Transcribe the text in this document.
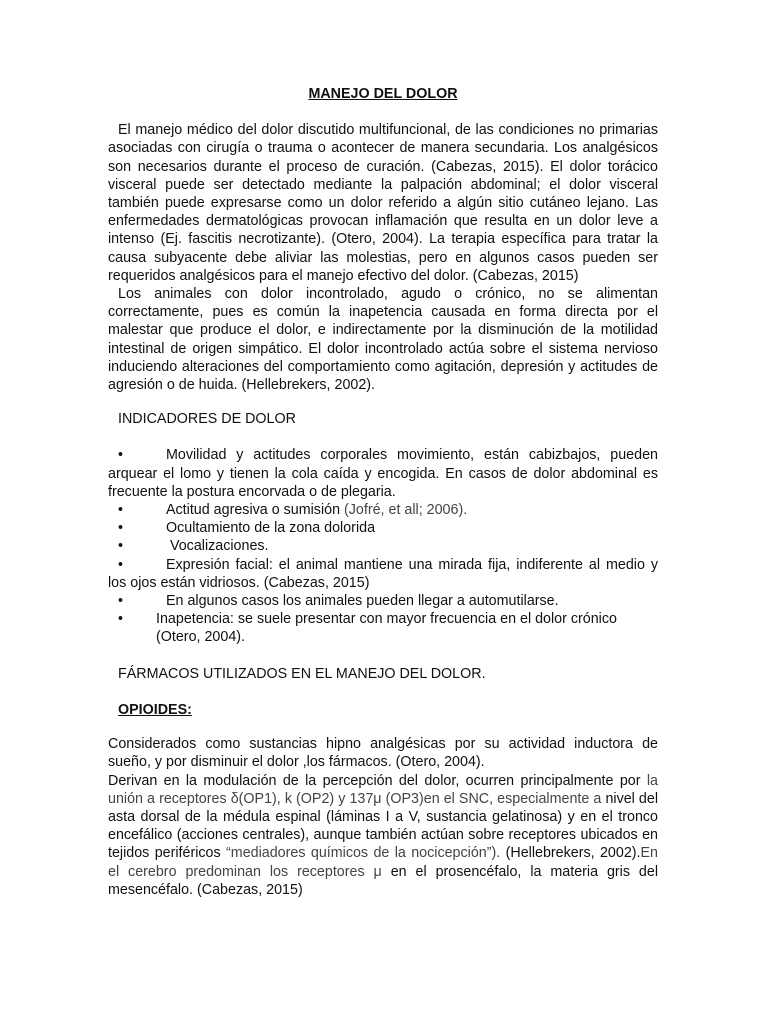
MANEJO DEL DOLOR

El manejo médico del dolor discutido multifuncional, de las condiciones no primarias asociadas con cirugía o trauma o acontecer de manera secundaria. Los analgésicos son necesarios durante el proceso de curación. (Cabezas, 2015). El dolor torácico visceral puede ser detectado mediante la palpación abdominal; el dolor visceral también puede expresarse como un dolor referido a algún sitio cutáneo lejano. Las enfermedades dermatológicas provocan inflamación que resulta en un dolor leve a intenso (Ej. fascitis necrotizante). (Otero, 2004). La terapia específica para tratar la causa subyacente debe aliviar las molestias, pero en algunos casos pueden ser requeridos analgésicos para el manejo efectivo del dolor. (Cabezas, 2015)

Los animales con dolor incontrolado, agudo o crónico, no se alimentan correctamente, pues es común la inapetencia causada en forma directa por el malestar que produce el dolor, e indirectamente por la disminución de la motilidad intestinal de origen simpático. El dolor incontrolado actúa sobre el sistema nervioso induciendo alteraciones del comportamiento como agitación, depresión y actitudes de agresión o de huida. (Hellebrekers, 2002).

INDICADORES DE DOLOR
•	Movilidad y actitudes corporales movimiento, están cabizbajos, pueden arquear el lomo y tienen la cola caída y encogida. En casos de dolor abdominal es frecuente la postura encorvada o de plegaria.
•	Actitud agresiva o sumisión (Jofré, et all; 2006).
•	Ocultamiento de la zona dolorida
•	Vocalizaciones.
•	Expresión facial: el animal mantiene una mirada fija, indiferente al medio y los ojos están vidriosos. (Cabezas, 2015)
•	En algunos casos los animales pueden llegar a automutilarse.
• Inapetencia: se suele presentar con mayor frecuencia en el dolor crónico (Otero, 2004).
FÁRMACOS UTILIZADOS EN EL MANEJO DEL DOLOR.
OPIOIDES:

Considerados como sustancias hipno analgésicas por su actividad inductora de sueño, y por disminuir el dolor ,los fármacos. (Otero, 2004).

Derivan en la modulación de la percepción del dolor, ocurren principalmente por la unión a receptores δ(OP1), k (OP2) y 137μ (OP3)en el SNC, especialmente a nivel del asta dorsal de la médula espinal (láminas I a V, sustancia gelatinosa) y en el tronco encefálico (acciones centrales), aunque también actúan sobre receptores ubicados en tejidos periféricos “mediadores químicos de la nocicepción”). (Hellebrekers, 2002).En el cerebro predominan los receptores μ en el prosencéfalo, la materia gris del mesencéfalo. (Cabezas, 2015)
